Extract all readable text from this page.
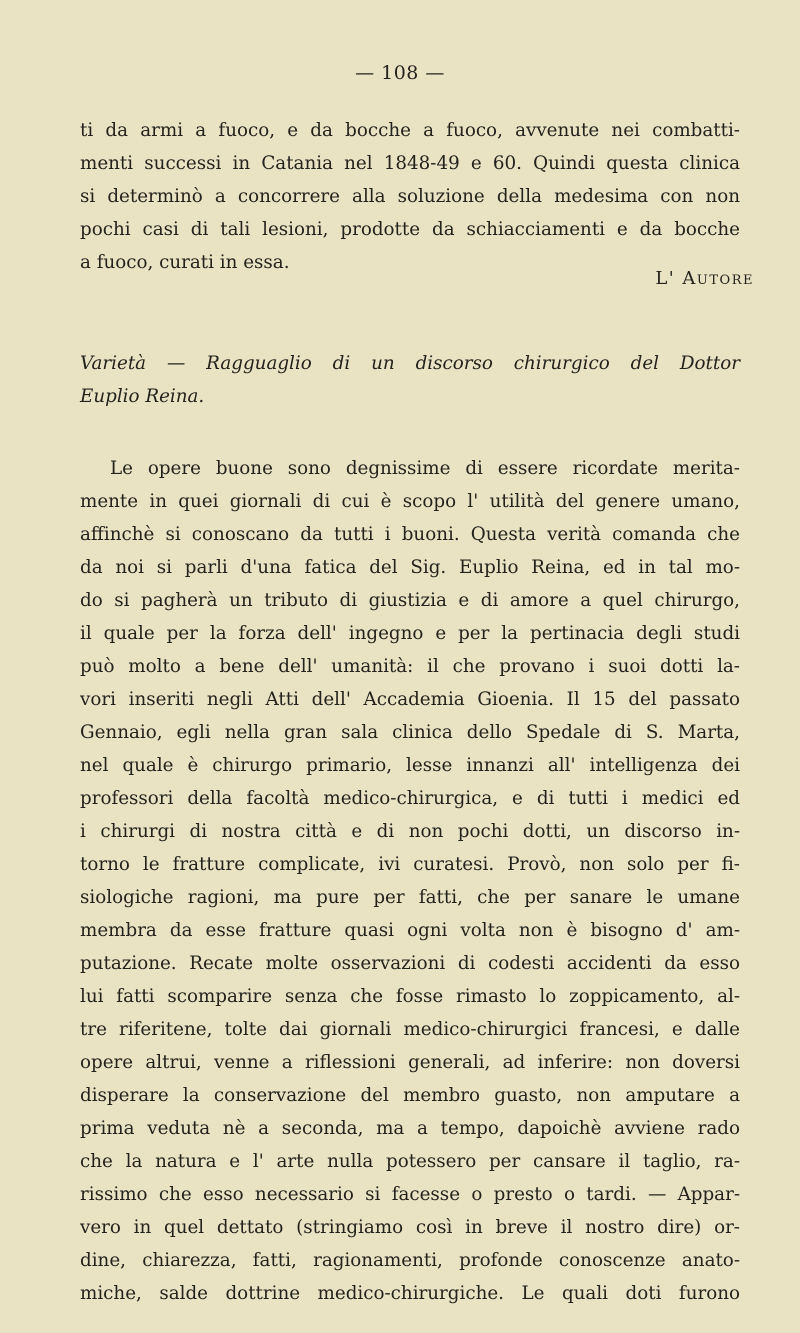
— 108 —
ti da armi a fuoco, e da bocche a fuoco, avvenute nei combatti-
menti successi in Catania nel 1848-49 e 60. Quindi questa clinica
si determinò a concorrere alla soluzione della medesima con non
pochi casi di tali lesioni, prodotte da schiacciamenti e da bocche
a fuoco, curati in essa.
L' Autore
Varietà — Ragguaglio di un discorso chirurgico del Dottor
Euplio Reina.
Le opere buone sono degnissime di essere ricordate merita-
mente in quei giornali di cui è scopo l' utilità del genere umano,
affinchè si conoscano da tutti i buoni. Questa verità comanda che
da noi si parli d'una fatica del Sig. Euplio Reina, ed in tal mo-
do si pagherà un tributo di giustizia e di amore a quel chirurgo,
il quale per la forza dell' ingegno e per la pertinacia degli studi
può molto a bene dell' umanità: il che provano i suoi dotti la-
vori inseriti negli Atti dell' Accademia Gioenia. Il 15 del passato
Gennaio, egli nella gran sala clinica dello Spedale di S. Marta,
nel quale è chirurgo primario, lesse innanzi all' intelligenza dei
professori della facoltà medico-chirurgica, e di tutti i medici ed
i chirurgi di nostra città e di non pochi dotti, un discorso in-
torno le fratture complicate, ivi curatesi. Provò, non solo per fi-
siologiche ragioni, ma pure per fatti, che per sanare le umane
membra da esse fratture quasi ogni volta non è bisogno d' am-
putazione. Recate molte osservazioni di codesti accidenti da esso
lui fatti scomparire senza che fosse rimasto lo zoppicamento, al-
tre riferitene, tolte dai giornali medico-chirurgici francesi, e dalle
opere altrui, venne a riflessioni generali, ad inferire: non doversi
disperare la conservazione del membro guasto, non amputare a
prima veduta nè a seconda, ma a tempo, dapoichè avviene rado
che la natura e l' arte nulla potessero per cansare il taglio, ra-
rissimo che esso necessario si facesse o presto o tardi. — Appar-
vero in quel dettato (stringiamo così in breve il nostro dire) or-
dine, chiarezza, fatti, ragionamenti, profonde conoscenze anato-
miche, salde dottrine medico-chirurgiche. Le quali doti furono
